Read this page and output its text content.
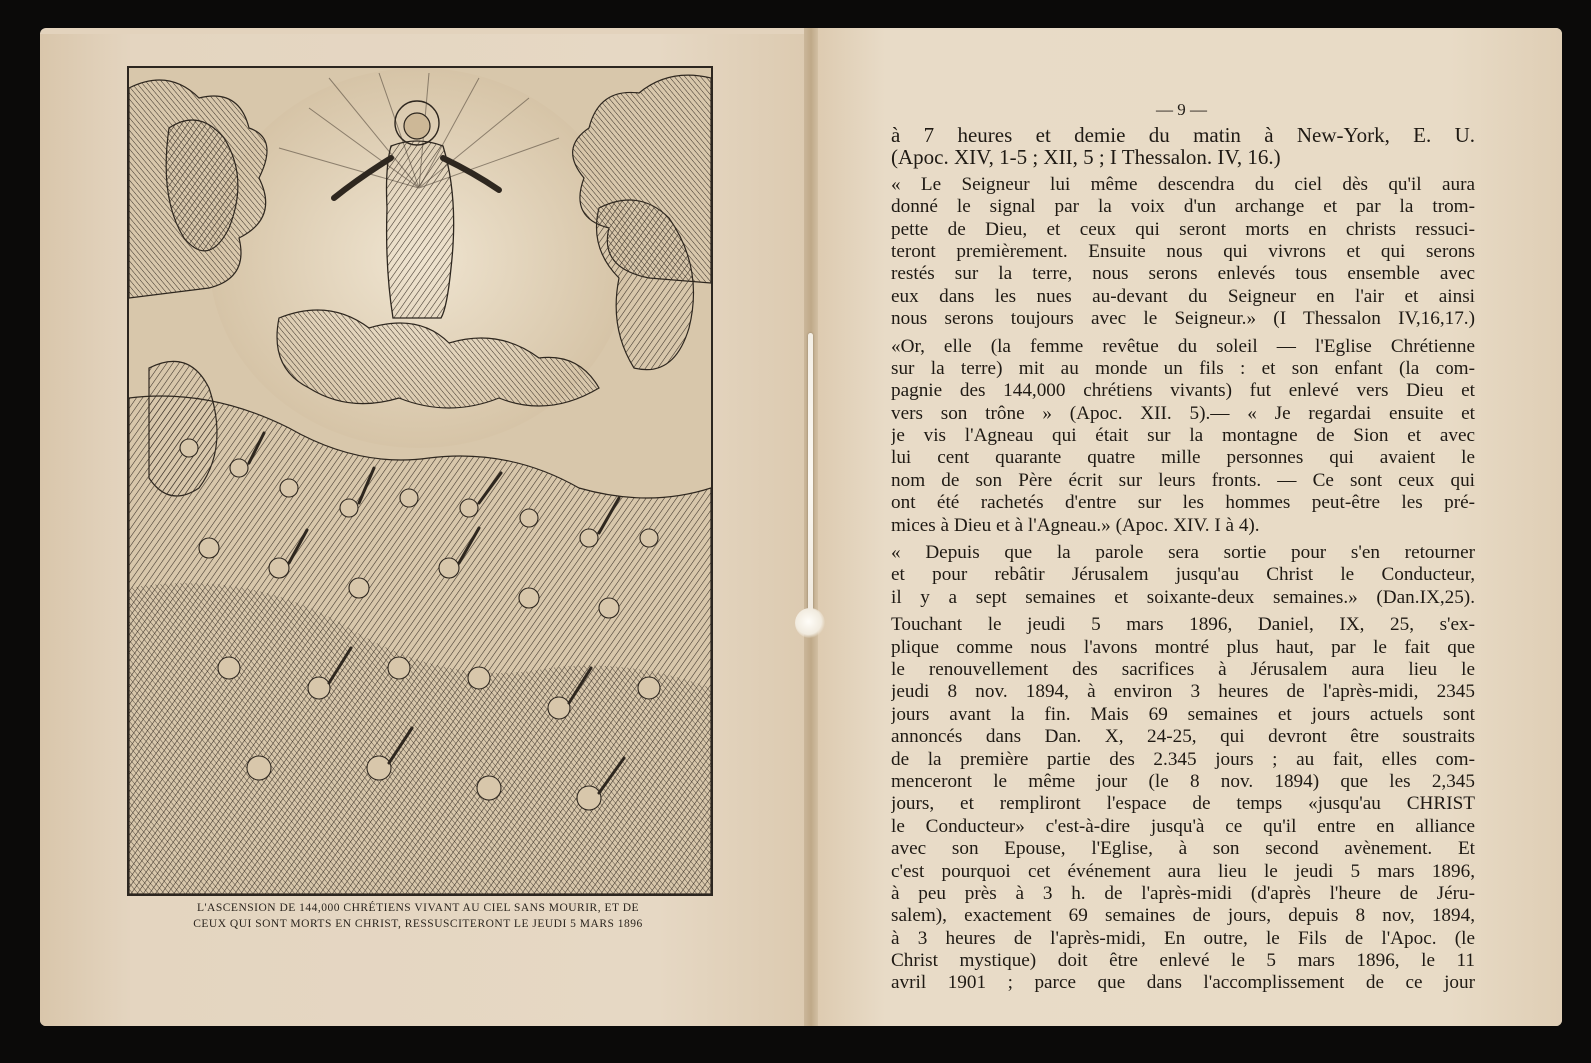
L'ASCENSION DE 144,000 CHRÉTIENS VIVANT AU CIEL SANS MOURIR, ET DE
CEUX QUI SONT MORTS EN CHRIST, RESSUSCITERONT LE JEUDI 5 MARS 1896
— 9 —

à 7 heures et demie du matin à New-York, E. U.
(Apoc. XIV, 1-5 ; XII, 5 ; I Thessalon. IV, 16.)

« Le Seigneur lui même descendra du ciel dès qu'il aura
donné le signal par la voix d'un archange et par la trom-
pette de Dieu, et ceux qui seront morts en christs ressuci-
teront premièrement. Ensuite nous qui vivrons et qui serons
restés sur la terre, nous serons enlevés tous ensemble avec
eux dans les nues au-devant du Seigneur en l'air et ainsi
nous serons toujours avec le Seigneur.» (I Thessalon IV,16,17.)

«Or, elle (la femme revêtue du soleil — l'Eglise Chrétienne
sur la terre) mit au monde un fils : et son enfant (la com-
pagnie des 144,000 chrétiens vivants) fut enlevé vers Dieu et
vers son trône » (Apoc. XII. 5).— « Je regardai ensuite et
je vis l'Agneau qui était sur la montagne de Sion et avec
lui cent quarante quatre mille personnes qui avaient le
nom de son Père écrit sur leurs fronts. — Ce sont ceux qui
ont été rachetés d'entre sur les hommes peut-être les pré-
mices à Dieu et à l'Agneau.» (Apoc. XIV. I à 4).

« Depuis que la parole sera sortie pour s'en retourner
et pour rebâtir Jérusalem jusqu'au Christ le Conducteur,
il y a sept semaines et soixante-deux semaines.» (Dan.IX,25).

Touchant le jeudi 5 mars 1896, Daniel, IX, 25, s'ex-
plique comme nous l'avons montré plus haut, par le fait que
le renouvellement des sacrifices à Jérusalem aura lieu le
jeudi 8 nov. 1894, à environ 3 heures de l'après-midi, 2345
jours avant la fin. Mais 69 semaines et jours actuels sont
annoncés dans Dan. X, 24-25, qui devront être soustraits
de la première partie des 2.345 jours ; au fait, elles com-
menceront le même jour (le 8 nov. 1894) que les 2,345
jours, et rempliront l'espace de temps «jusqu'au CHRIST
le Conducteur» c'est-à-dire jusqu'à ce qu'il entre en alliance
avec son Epouse, l'Eglise, à son second avènement. Et
c'est pourquoi cet événement aura lieu le jeudi 5 mars 1896,
à peu près à 3 h. de l'après-midi (d'après l'heure de Jéru-
salem), exactement 69 semaines de jours, depuis 8 nov, 1894,
à 3 heures de l'après-midi, En outre, le Fils de l'Apoc. (le
Christ mystique) doit être enlevé le 5 mars 1896, le 11
avril 1901 ; parce que dans l'accomplissement de ce jour
